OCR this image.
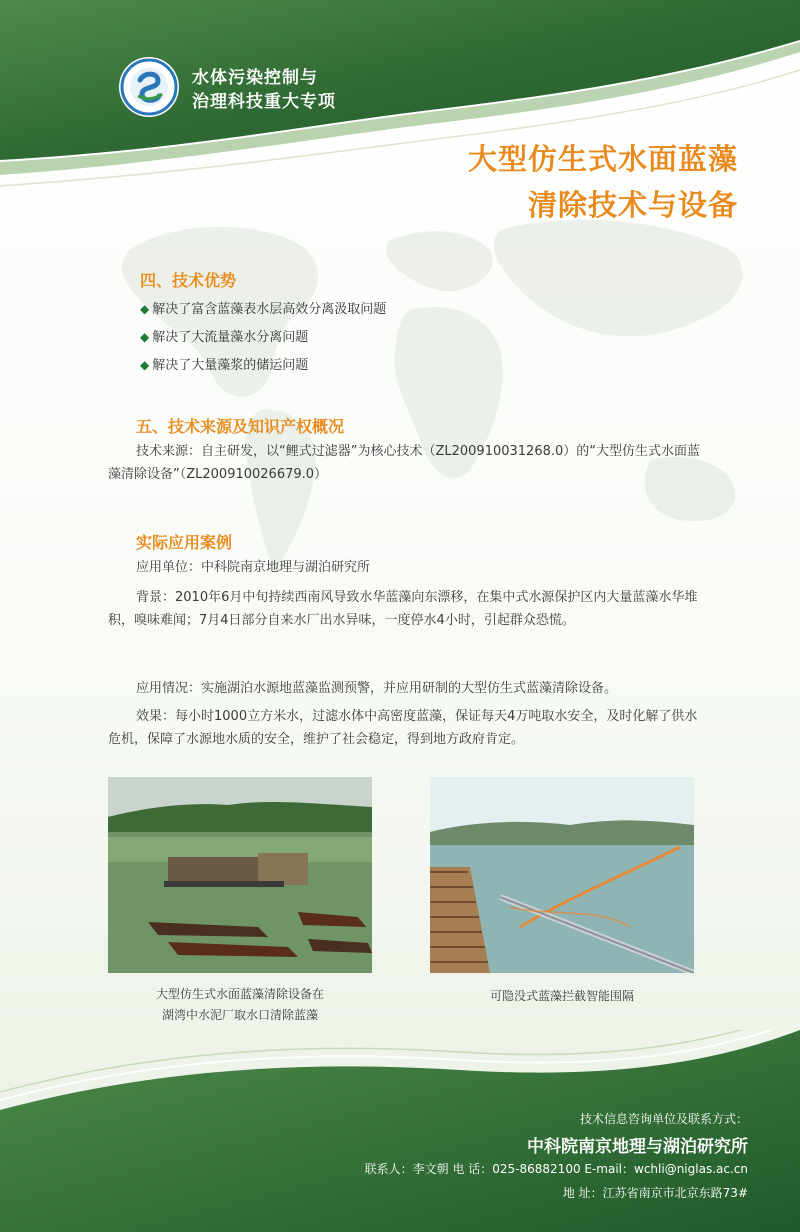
水体污染控制与
治理科技重大专项
大型仿生式水面蓝藻
清除技术与设备
四、技术优势
◆ 解决了富含蓝藻表水层高效分离汲取问题
◆ 解决了大流量藻水分离问题
◆ 解决了大量藻浆的储运问题
五、技术来源及知识产权概况
技术来源：自主研发，以“鲤式过滤器”为核心技术（ZL200910031268.0）的“大型仿生式水面蓝藻清除设备”（ZL200910026679.0）
实际应用案例
应用单位：中科院南京地理与湖泊研究所
背景：2010年6月中旬持续西南风导致水华蓝藻向东漂移，在集中式水源保护区内大量蓝藻水华堆积，嗅味难闻；7月4日部分自来水厂出水异味，一度停水4小时，引起群众恐慌。
应用情况：实施湖泊水源地蓝藻监测预警，并应用研制的大型仿生式蓝藻清除设备。
效果：每小时1000立方米水，过滤水体中高密度蓝藻，保证每天4万吨取水安全，及时化解了供水危机，保障了水源地水质的安全，维护了社会稳定，得到地方政府肯定。
大型仿生式水面蓝藻清除设备在
湖湾中水泥厂取水口清除蓝藻
可隐没式蓝藻拦截智能围隔
技术信息咨询单位及联系方式：
中科院南京地理与湖泊研究所
联系人：李文朝 电 话：025-86882100 E-mail：wchli@niglas.ac.cn
地 址：江苏省南京市北京东路73#
